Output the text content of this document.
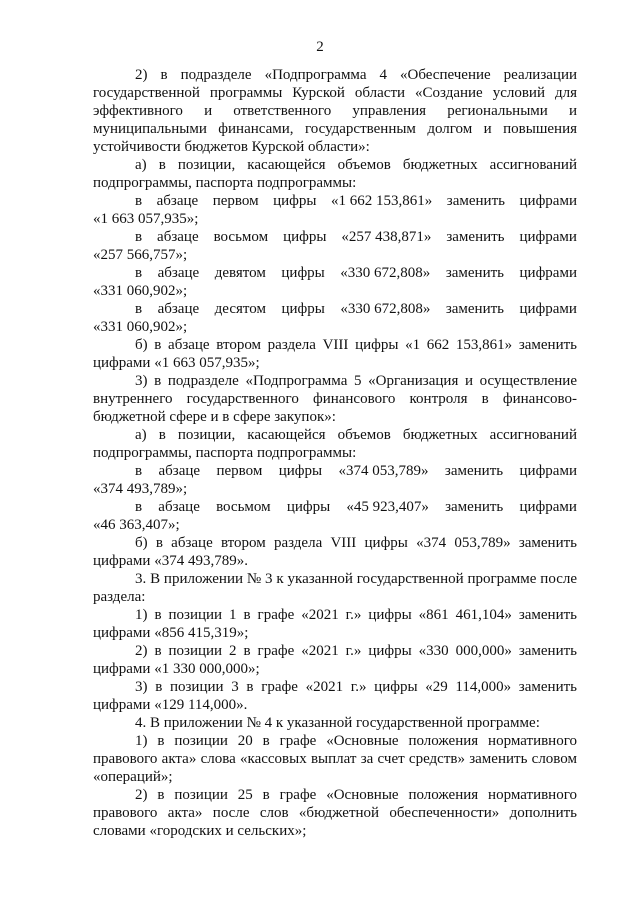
2

2) в подразделе «Подпрограмма 4 «Обеспечение реализации государственной программы Курской области «Создание условий для эффективного и ответственного управления региональными и муниципальными финансами, государственным долгом и повышения устойчивости бюджетов Курской области»:

а) в позиции, касающейся объемов бюджетных ассигнований подпрограммы, паспорта подпрограммы:

в абзаце первом цифры «1 662 153,861» заменить цифрами
«1 663 057,935»;
в абзаце восьмом цифры «257 438,871» заменить цифрами
«257 566,757»;
в абзаце девятом цифры «330 672,808» заменить цифрами
«331 060,902»;
в абзаце десятом цифры «330 672,808» заменить цифрами
«331 060,902»;

б) в абзаце втором раздела VIII цифры «1 662 153,861» заменить цифрами «1 663 057,935»;

3) в подразделе «Подпрограмма 5 «Организация и осуществление внутреннего государственного финансового контроля в финансово-бюджетной сфере и в сфере закупок»:

а) в позиции, касающейся объемов бюджетных ассигнований подпрограммы, паспорта подпрограммы:

в абзаце первом цифры «374 053,789» заменить цифрами
«374 493,789»;
в абзаце восьмом цифры «45 923,407» заменить цифрами
«46 363,407»;

б) в абзаце втором раздела VIII цифры «374 053,789» заменить цифрами «374 493,789».

3. В приложении № 3 к указанной государственной программе после раздела:

1) в позиции 1 в графе «2021 г.» цифры «861 461,104» заменить цифрами «856 415,319»;

2) в позиции 2 в графе «2021 г.» цифры «330 000,000» заменить цифрами «1 330 000,000»;

3) в позиции 3 в графе «2021 г.» цифры «29 114,000» заменить цифрами «129 114,000».

4. В приложении № 4 к указанной государственной программе:

1) в позиции 20 в графе «Основные положения нормативного правового акта» слова «кассовых выплат за счет средств» заменить словом «операций»;

2) в позиции 25 в графе «Основные положения нормативного правового акта» после слов «бюджетной обеспеченности» дополнить словами «городских и сельских»;
